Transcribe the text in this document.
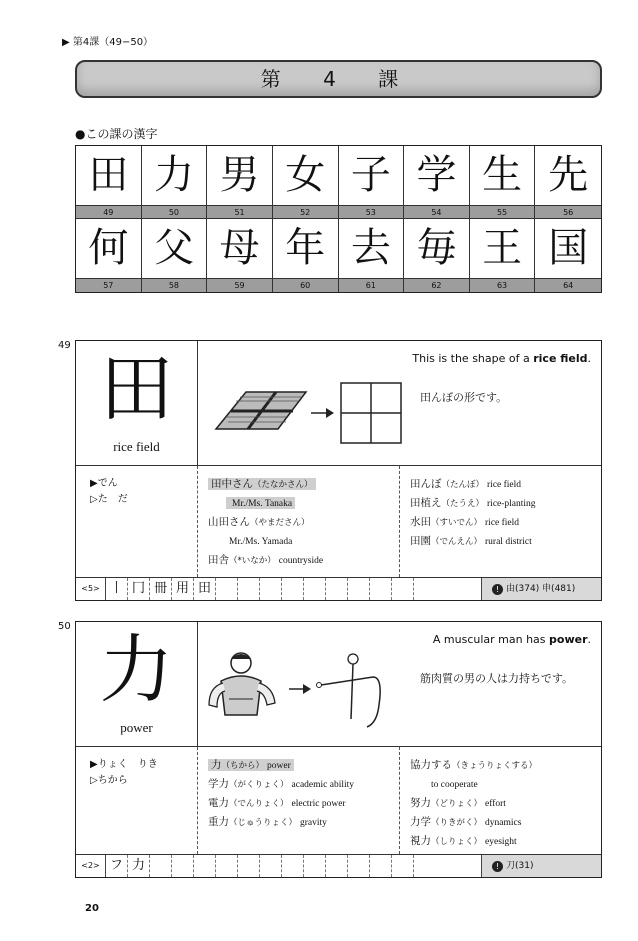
▶ 第4課（49−50）
第 4 課
●この課の漢字
田
49
力
50
男
51
女
52
子
53
学
54
生
55
先
56
何
57
父
58
母
59
年
60
去
61
毎
62
王
63
国
64
49
田
rice field
This is the shape of a rice field.
田んぼの形です。
▶でん
▷た　だ
田中さん（たなかさん）
Mr./Ms. Tanaka
山田さん（やまださん）
Mr./Ms. Yamada
田舎（*いなか） countryside
田んぼ（たんぼ） rice field
田植え（たうえ） rice-planting
水田（すいでん） rice field
田園（でんえん） rural district
<5> 丨 冂 冊 用 田	! 由(374) 申(481)
50
力
power
A muscular man has power.
筋肉質の男の人は力持ちです。
▶りょく　りき
▷ちから
力（ちから） power
学力（がくりょく） academic ability
電力（でんりょく） electric power
重力（じゅうりょく） gravity
協力する（きょうりょくする）
to cooperate
努力（どりょく） effort
力学（りきがく） dynamics
視力（しりょく） eyesight
<2> フ 力	! 刀(31)
20
